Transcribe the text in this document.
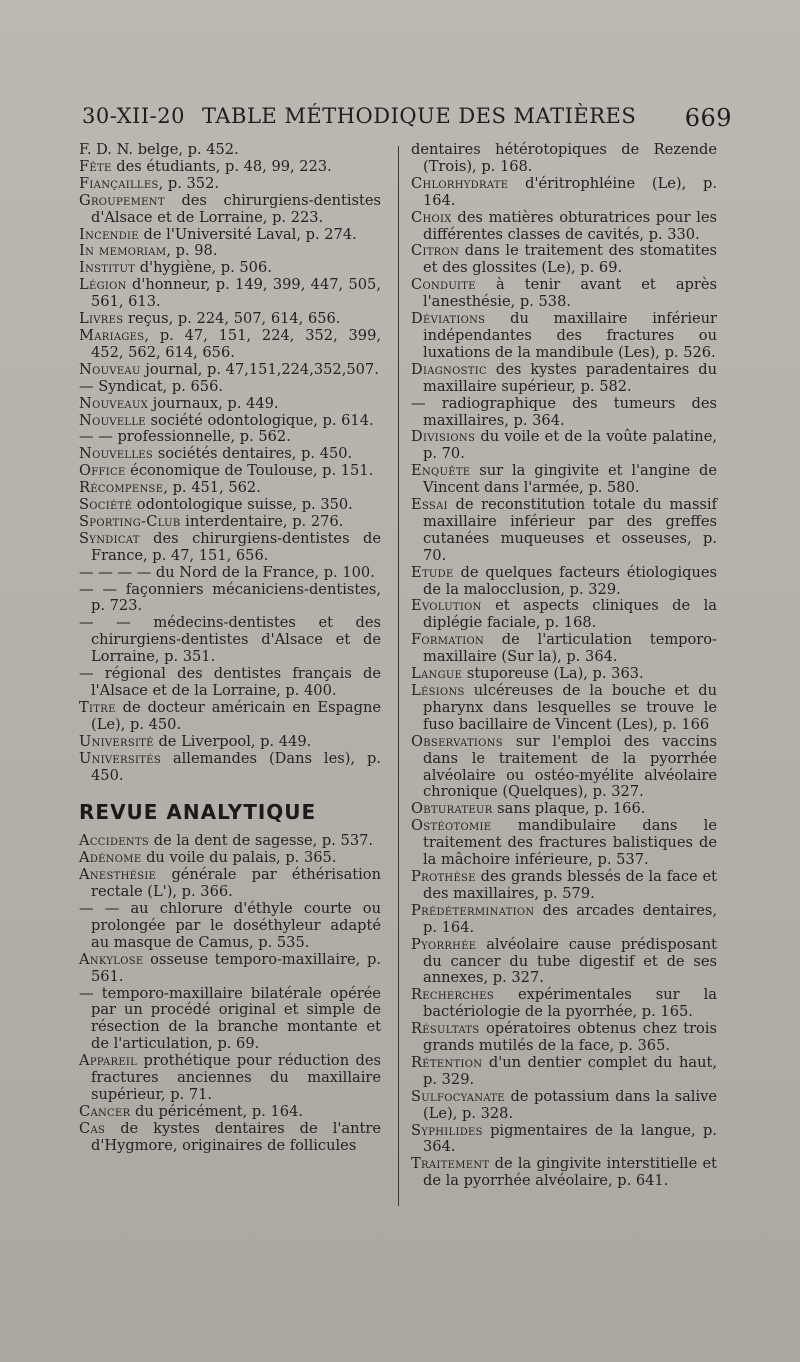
30-XII-20 TABLE MÉTHODIQUE DES MATIÈRES 669
F. D. N. belge, p. 452.
Fête des étudiants, p. 48, 99, 223.
Fiançailles, p. 352.
Groupement des chirurgiens-dentistes d'Alsace et de Lorraine, p. 223.
Incendie de l'Université Laval, p. 274.
In memoriam, p. 98.
Institut d'hygiène, p. 506.
Légion d'honneur, p. 149, 399, 447, 505, 561, 613.
Livres reçus, p. 224, 507, 614, 656.
Mariages, p. 47, 151, 224, 352, 399, 452, 562, 614, 656.
Nouveau journal, p. 47,151,224,352,507.
— Syndicat, p. 656.
Nouveaux journaux, p. 449.
Nouvelle société odontologique, p. 614.
— — professionnelle, p. 562.
Nouvelles sociétés dentaires, p. 450.
Office économique de Toulouse, p. 151.
Récompense, p. 451, 562.
Société odontologique suisse, p. 350.
Sporting-Club interdentaire, p. 276.
Syndicat des chirurgiens-dentistes de France, p. 47, 151, 656.
— — — — du Nord de la France, p. 100.
— — façonniers mécaniciens-dentistes, p. 723.
— — médecins-dentistes et des chirurgiens-dentistes d'Alsace et de Lorraine, p. 351.
— régional des dentistes français de l'Alsace et de la Lorraine, p. 400.
Titre de docteur américain en Espagne (Le), p. 450.
Université de Liverpool, p. 449.
Universités allemandes (Dans les), p. 450.
REVUE ANALYTIQUE
Accidents de la dent de sagesse, p. 537.
Adénome du voile du palais, p. 365.
Anesthésie générale par éthérisation rectale (L'), p. 366.
— — au chlorure d'éthyle courte ou prolongée par le doséthyleur adapté au masque de Camus, p. 535.
Ankylose osseuse temporo-maxillaire, p. 561.
— temporo-maxillaire bilatérale opérée par un procédé original et simple de résection de la branche montante et de l'articulation, p. 69.
Appareil prothétique pour réduction des fractures anciennes du maxillaire supérieur, p. 71.
Cancer du péricément, p. 164.
Cas de kystes dentaires de l'antre d'Hygmore, originaires de follicules
dentaires hétérotopiques de Rezende (Trois), p. 168.
Chlorhydrate d'éritrophléine (Le), p. 164.
Choix des matières obturatrices pour les différentes classes de cavités, p. 330.
Citron dans le traitement des stomatites et des glossites (Le), p. 69.
Conduite à tenir avant et après l'anesthésie, p. 538.
Déviations du maxillaire inférieur indépendantes des fractures ou luxations de la mandibule (Les), p. 526.
Diagnostic des kystes paradentaires du maxillaire supérieur, p. 582.
— radiographique des tumeurs des maxillaires, p. 364.
Divisions du voile et de la voûte palatine, p. 70.
Enquête sur la gingivite et l'angine de Vincent dans l'armée, p. 580.
Essai de reconstitution totale du massif maxillaire inférieur par des greffes cutanées muqueuses et osseuses, p. 70.
Etude de quelques facteurs étiologiques de la malocclusion, p. 329.
Evolution et aspects cliniques de la diplégie faciale, p. 168.
Formation de l'articulation temporo-maxillaire (Sur la), p. 364.
Langue stuporeuse (La), p. 363.
Lésions ulcéreuses de la bouche et du pharynx dans lesquelles se trouve le fuso bacillaire de Vincent (Les), p. 166
Observations sur l'emploi des vaccins dans le traitement de la pyorrhée alvéolaire ou ostéo-myélite alvéolaire chronique (Quelques), p. 327.
Obturateur sans plaque, p. 166.
Ostéotomie mandibulaire dans le traitement des fractures balistiques de la mâchoire inférieure, p. 537.
Prothèse des grands blessés de la face et des maxillaires, p. 579.
Prédétermination des arcades dentaires, p. 164.
Pyorrhée alvéolaire cause prédisposant du cancer du tube digestif et de ses annexes, p. 327.
Recherches expérimentales sur la bactériologie de la pyorrhée, p. 165.
Résultats opératoires obtenus chez trois grands mutilés de la face, p. 365.
Rétention d'un dentier complet du haut, p. 329.
Sulfocyanate de potassium dans la salive (Le), p. 328.
Syphilides pigmentaires de la langue, p. 364.
Traitement de la gingivite interstitielle et de la pyorrhée alvéolaire, p. 641.
